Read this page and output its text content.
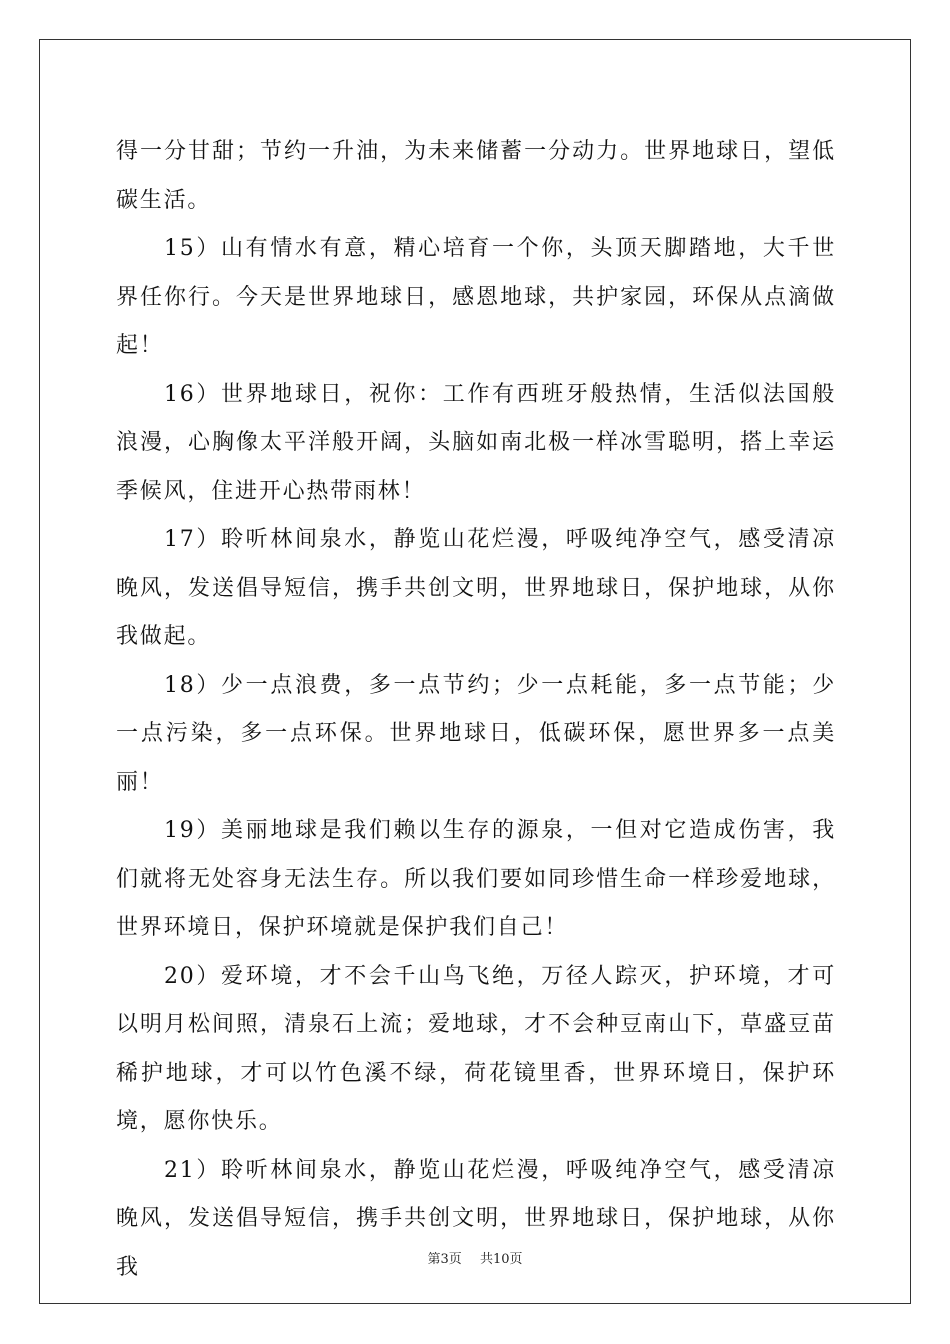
得一分甘甜；节约一升油，为未来储蓄一分动力。世界地球日，望低碳生活。

15）山有情水有意，精心培育一个你，头顶天脚踏地，大千世界任你行。今天是世界地球日，感恩地球，共护家园，环保从点滴做起！

16）世界地球日，祝你：工作有西班牙般热情，生活似法国般浪漫，心胸像太平洋般开阔，头脑如南北极一样冰雪聪明，搭上幸运季候风，住进开心热带雨林！

17）聆听林间泉水，静览山花烂漫，呼吸纯净空气，感受清凉晚风，发送倡导短信，携手共创文明，世界地球日，保护地球，从你我做起。

18）少一点浪费，多一点节约；少一点耗能，多一点节能；少一点污染，多一点环保。世界地球日，低碳环保，愿世界多一点美丽！

19）美丽地球是我们赖以生存的源泉，一但对它造成伤害，我们就将无处容身无法生存。所以我们要如同珍惜生命一样珍爱地球，世界环境日，保护环境就是保护我们自己！

20）爱环境，才不会千山鸟飞绝，万径人踪灭，护环境，才可以明月松间照，清泉石上流；爱地球，才不会种豆南山下，草盛豆苗稀护地球，才可以竹色溪不绿，荷花镜里香，世界环境日，保护环境，愿你快乐。

21）聆听林间泉水，静览山花烂漫，呼吸纯净空气，感受清凉晚风，发送倡导短信，携手共创文明，世界地球日，保护地球，从你我	第3页 共10页
